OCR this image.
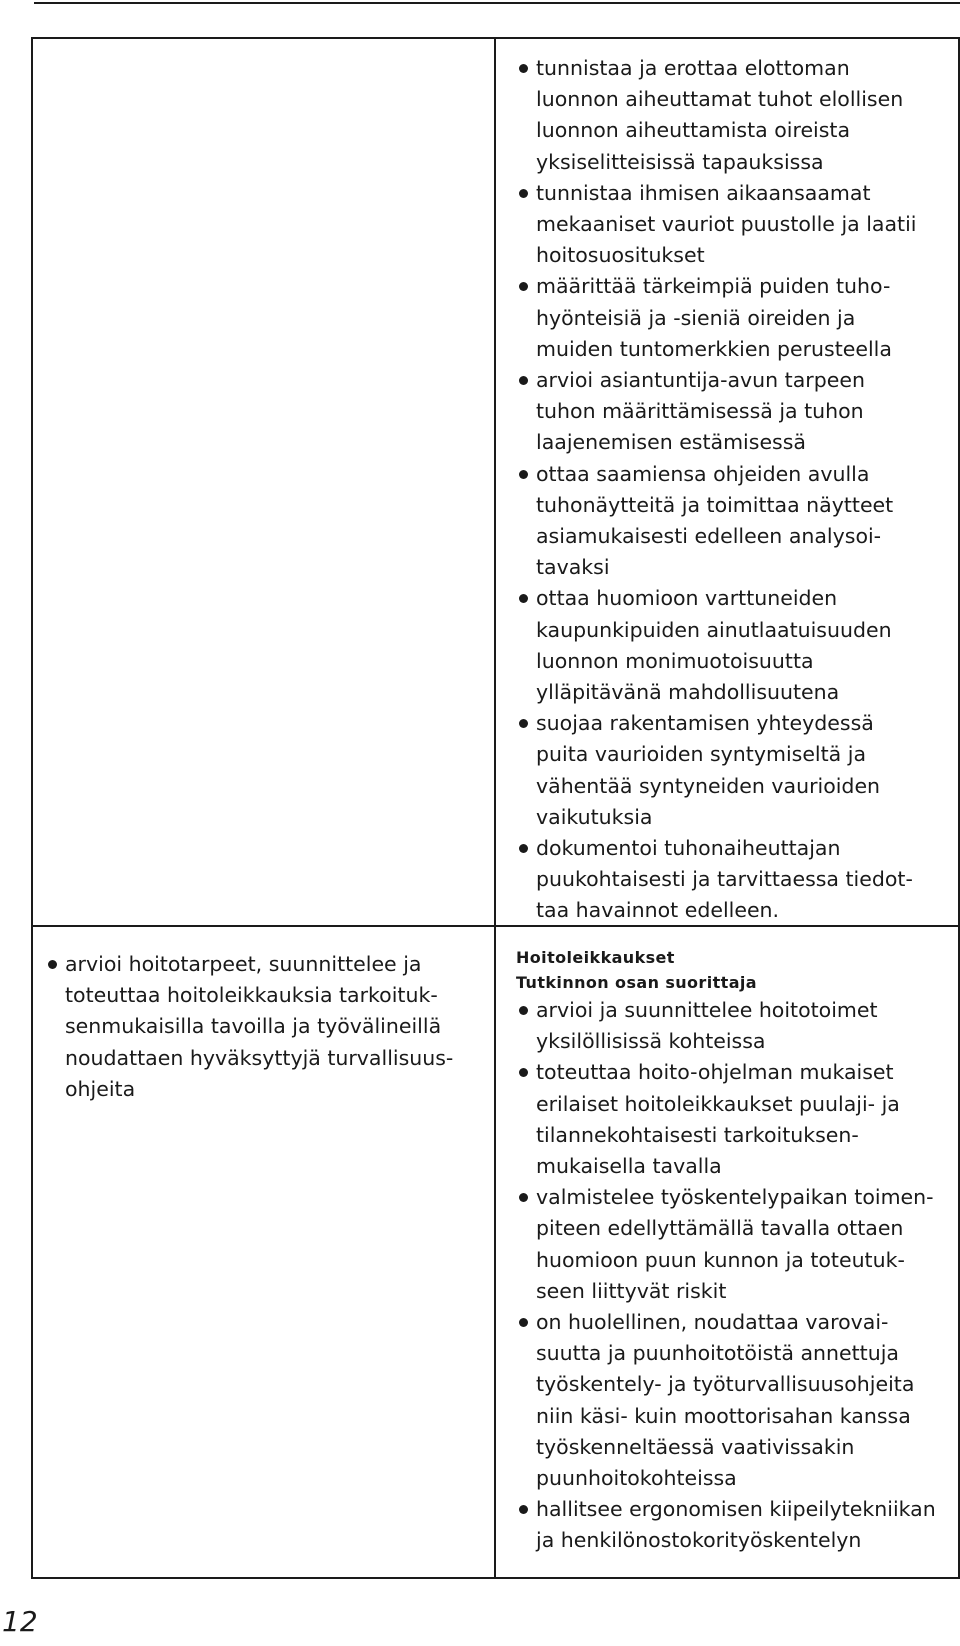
tunnistaa ja erottaa elottoman
luonnon aiheuttamat tuhot elollisen
luonnon aiheuttamista oireista
yksiselitteisissä tapauksissa
tunnistaa ihmisen aikaansaamat
mekaaniset vauriot puustolle ja laatii
hoitosuositukset
määrittää tärkeimpiä puiden tuho-
hyönteisiä ja -sieniä oireiden ja
muiden tuntomerkkien perusteella
arvioi asiantuntija-avun tarpeen
tuhon määrittämisessä ja tuhon
laajenemisen estämisessä
ottaa saamiensa ohjeiden avulla
tuhonäytteitä ja toimittaa näytteet
asiamukaisesti edelleen analysoi-
tavaksi
ottaa huomioon varttuneiden
kaupunkipuiden ainutlaatuisuuden
luonnon monimuotoisuutta
ylläpitävänä mahdollisuutena
suojaa rakentamisen yhteydessä
puita vaurioiden syntymiseltä ja
vähentää syntyneiden vaurioiden
vaikutuksia
dokumentoi tuhonaiheuttajan
puukohtaisesti ja tarvittaessa tiedot-
taa havainnot edelleen.
arvioi hoitotarpeet, suunnittelee ja
toteuttaa hoitoleikkauksia tarkoituk-
senmukaisilla tavoilla ja työvälineillä
noudattaen hyväksyttyjä turvallisuus-
ohjeita
Hoitoleikkaukset
Tutkinnon osan suorittaja
arvioi ja suunnittelee hoitotoimet
yksilöllisissä kohteissa
toteuttaa hoito-ohjelman mukaiset
erilaiset hoitoleikkaukset puulaji- ja
tilannekohtaisesti tarkoituksen-
mukaisella tavalla
valmistelee työskentelypaikan toimen-
piteen edellyttämällä tavalla ottaen
huomioon puun kunnon ja toteutuk-
seen liittyvät riskit
on huolellinen, noudattaa varovai-
suutta ja puunhoitotöistä annettuja
työskentely- ja työturvallisuusohjeita
niin käsi- kuin moottorisahan kanssa
työskenneltäessä vaativissakin
puunhoitokohteissa
hallitsee ergonomisen kiipeilytekniikan ja henkilönostokorityöskentelyn
12
